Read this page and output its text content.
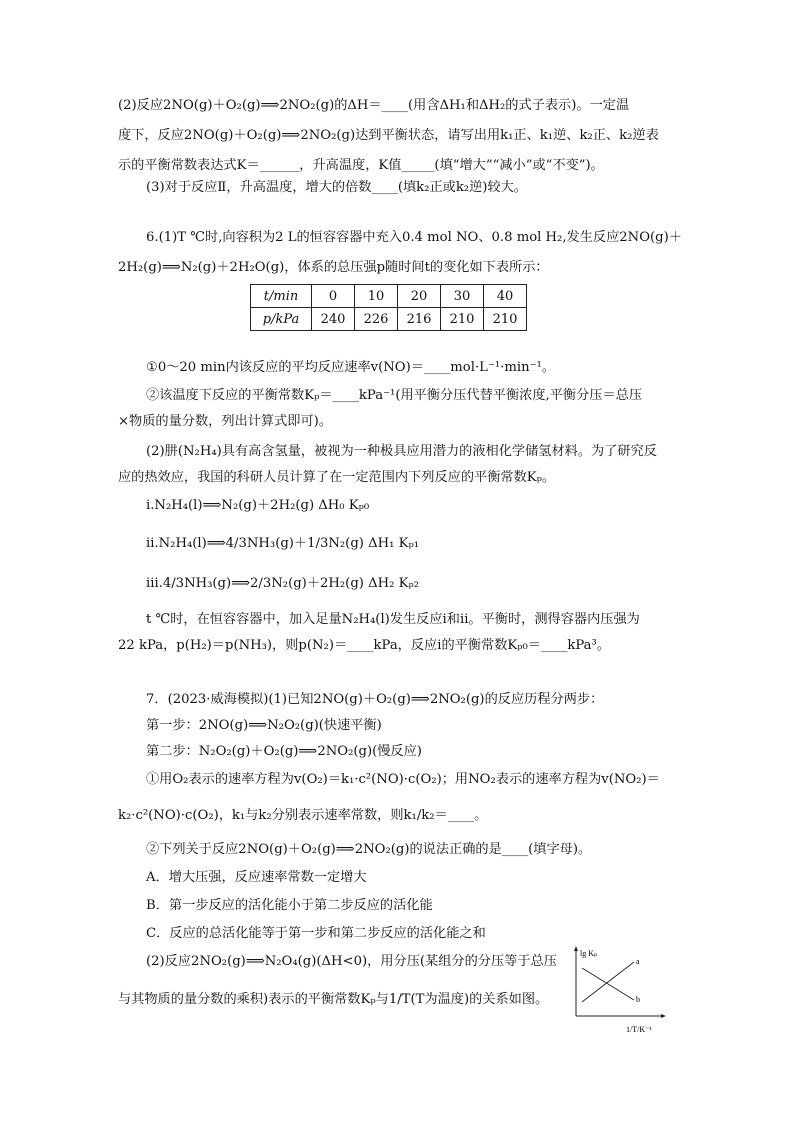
(2)反应2NO(g)＋O₂(g)⟹2NO₂(g)的ΔH＝____(用含ΔH₁和ΔH₂的式子表示)。一定温
度下，反应2NO(g)＋O₂(g)⟹2NO₂(g)达到平衡状态，请写出用k₁正、k₁逆、k₂正、k₂逆表
示的平衡常数表达式K＝______，升高温度，K值_____(填“增大”“减小”或“不变”)。
(3)对于反应Ⅱ，升高温度，增大的倍数____(填k₂正或k₂逆)较大。
6.(1)T ℃时,向容积为2 L的恒容容器中充入0.4 mol NO、0.8 mol H₂,发生反应2NO(g)＋
2H₂(g)⟹N₂(g)＋2H₂O(g)，体系的总压强p随时间t的变化如下表所示：
t/min	0	10	20	30	40
p/kPa	240	226	216	210	210
①0～20 min内该反应的平均反应速率v(NO)＝____mol·L⁻¹·min⁻¹。
②该温度下反应的平衡常数Kₚ＝____kPa⁻¹(用平衡分压代替平衡浓度,平衡分压＝总压
×物质的量分数，列出计算式即可)。
(2)肼(N₂H₄)具有高含氢量，被视为一种极具应用潜力的液相化学储氢材料。为了研究反
应的热效应，我国的科研人员计算了在一定范围内下列反应的平衡常数Kₚ。
ⅰ.N₂H₄(l)⟹N₂(g)＋2H₂(g) ΔH₀ Kₚ₀
ⅱ.N₂H₄(l)⟹4/3NH₃(g)＋1/3N₂(g) ΔH₁ Kₚ₁
ⅲ.4/3NH₃(g)⟹2/3N₂(g)＋2H₂(g) ΔH₂ Kₚ₂
t ℃时，在恒容容器中，加入足量N₂H₄(l)发生反应ⅰ和ⅱ。平衡时，测得容器内压强为
22 kPa，p(H₂)＝p(NH₃)，则p(N₂)＝____kPa，反应ⅰ的平衡常数Kₚ₀＝____kPa³。
7．(2023·威海模拟)(1)已知2NO(g)＋O₂(g)⟹2NO₂(g)的反应历程分两步：
第一步：2NO(g)⟹N₂O₂(g)(快速平衡)
第二步：N₂O₂(g)＋O₂(g)⟹2NO₂(g)(慢反应)
①用O₂表示的速率方程为v(O₂)＝k₁·c²(NO)·c(O₂)；用NO₂表示的速率方程为v(NO₂)＝
k₂·c²(NO)·c(O₂)，k₁与k₂分别表示速率常数，则k₁/k₂＝____。
②下列关于反应2NO(g)＋O₂(g)⟹2NO₂(g)的说法正确的是____(填字母)。
A．增大压强，反应速率常数一定增大
B．第一步反应的活化能小于第二步反应的活化能
C．反应的总活化能等于第一步和第二步反应的活化能之和
(2)反应2NO₂(g)⟹N₂O₄(g)(ΔH<0)，用分压(某组分的分压等于总压
与其物质的量分数的乘积)表示的平衡常数Kₚ与1/T(T为温度)的关系如图。
lg Kₚ
a
b
1/T/K⁻¹
